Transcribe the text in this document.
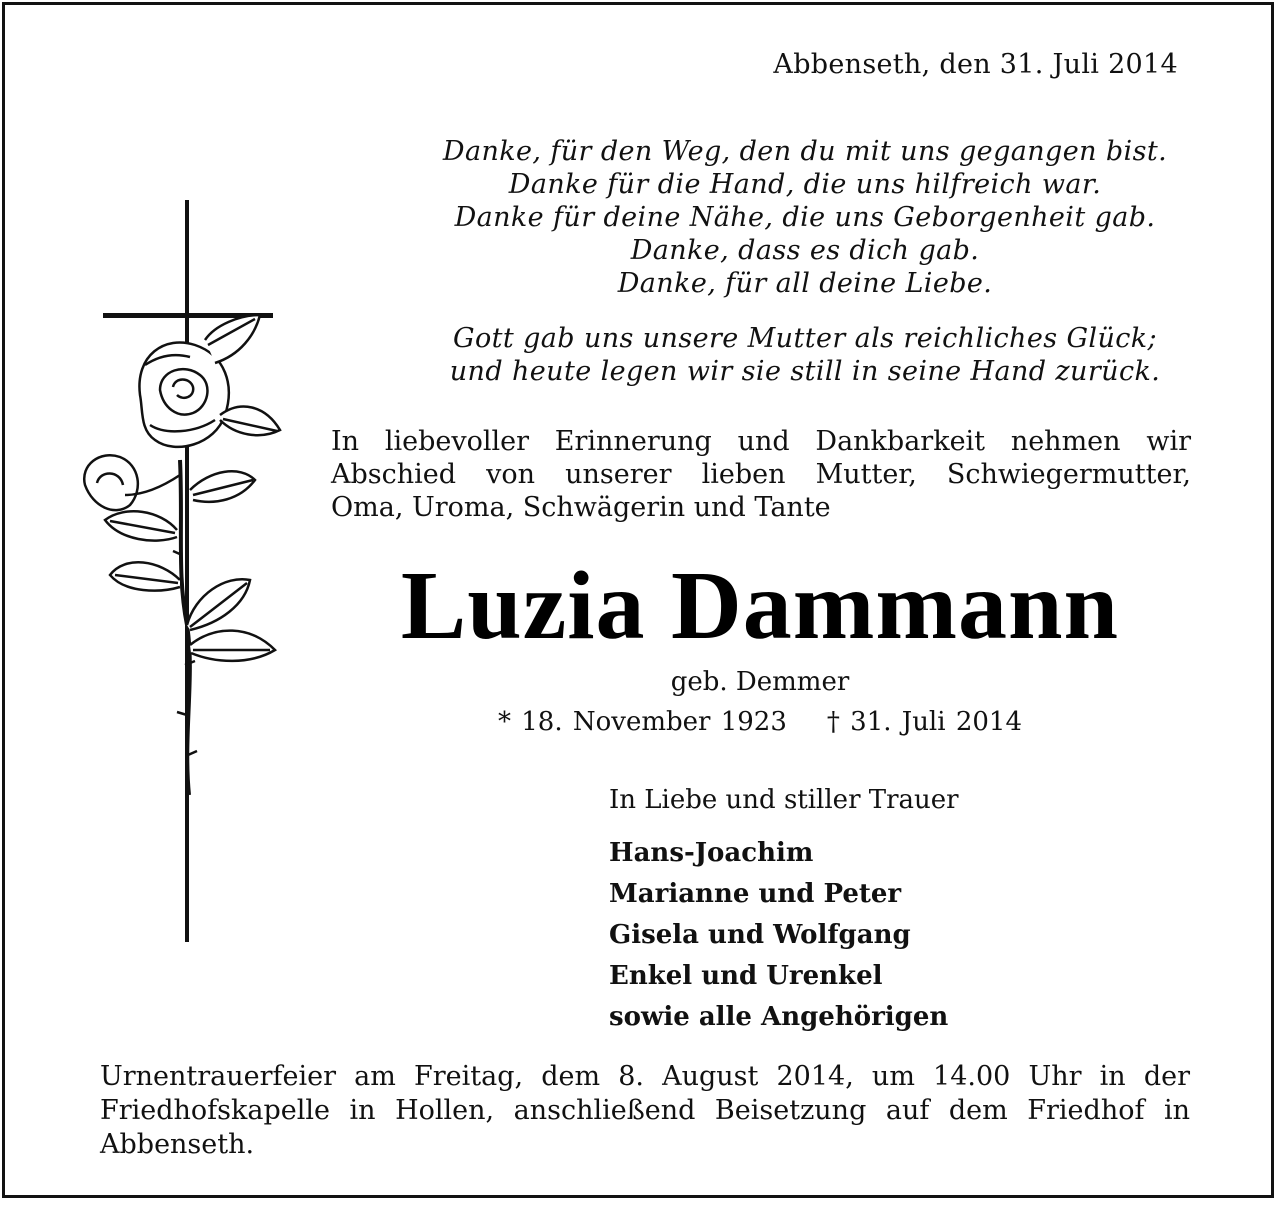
Abbenseth, den 31. Juli 2014
Danke, für den Weg, den du mit uns gegangen bist.
Danke für die Hand, die uns hilfreich war.
Danke für deine Nähe, die uns Geborgenheit gab.
Danke, dass es dich gab.
Danke, für all deine Liebe.
Gott gab uns unsere Mutter als reichliches Glück;
und heute legen wir sie still in seine Hand zurück.
In liebevoller Erinnerung und Dankbarkeit nehmen wir
Abschied von unserer lieben Mutter, Schwiegermutter,
Oma, Uroma, Schwägerin und Tante
Luzia Dammann
geb. Demmer
* 18. November 1923 † 31. Juli 2014
In Liebe und stiller Trauer
Hans-Joachim
Marianne und Peter
Gisela und Wolfgang
Enkel und Urenkel
sowie alle Angehörigen
Urnentrauerfeier am Freitag, dem 8. August 2014, um 14.00 Uhr in der
Friedhofskapelle in Hollen, anschließend Beisetzung auf dem Friedhof in
Abbenseth.
